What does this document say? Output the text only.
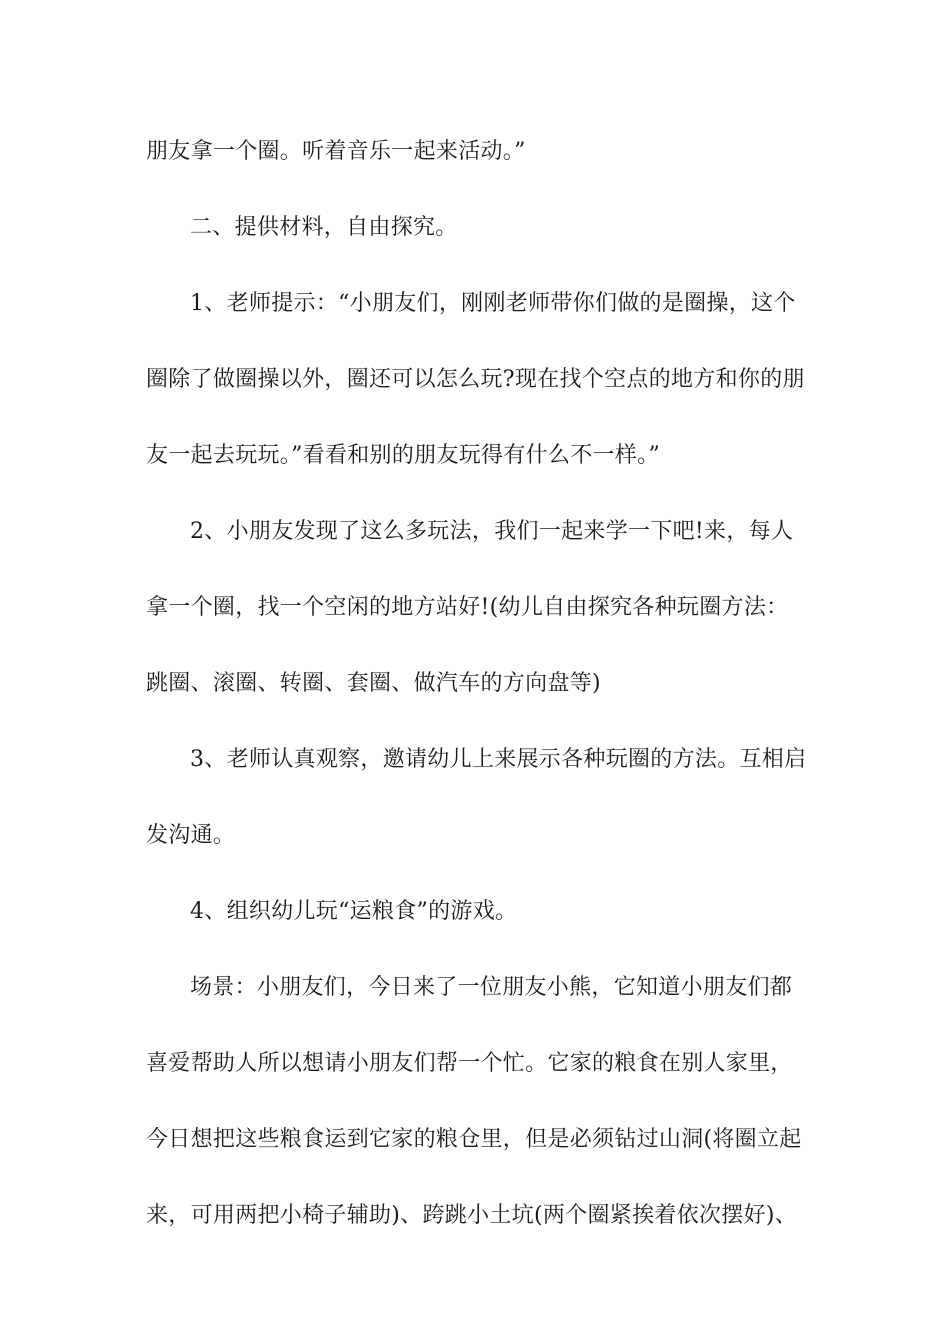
朋友拿一个圈。听着音乐一起来活动。”
二、提供材料，自由探究。
1、老师提示：“小朋友们，刚刚老师带你们做的是圈操，这个
圈除了做圈操以外，圈还可以怎么玩?现在找个空点的地方和你的朋
友一起去玩玩。”看看和别的朋友玩得有什么不一样。”
2、小朋友发现了这么多玩法，我们一起来学一下吧!来，每人
拿一个圈，找一个空闲的地方站好!(幼儿自由探究各种玩圈方法：
跳圈、滚圈、转圈、套圈、做汽车的方向盘等)
3、老师认真观察，邀请幼儿上来展示各种玩圈的方法。互相启
发沟通。
4、组织幼儿玩“运粮食”的游戏。
场景：小朋友们，今日来了一位朋友小熊，它知道小朋友们都
喜爱帮助人所以想请小朋友们帮一个忙。它家的粮食在别人家里，
今日想把这些粮食运到它家的粮仓里，但是必须钻过山洞(将圈立起
来，可用两把小椅子辅助)、跨跳小土坑(两个圈紧挨着依次摆好)、
